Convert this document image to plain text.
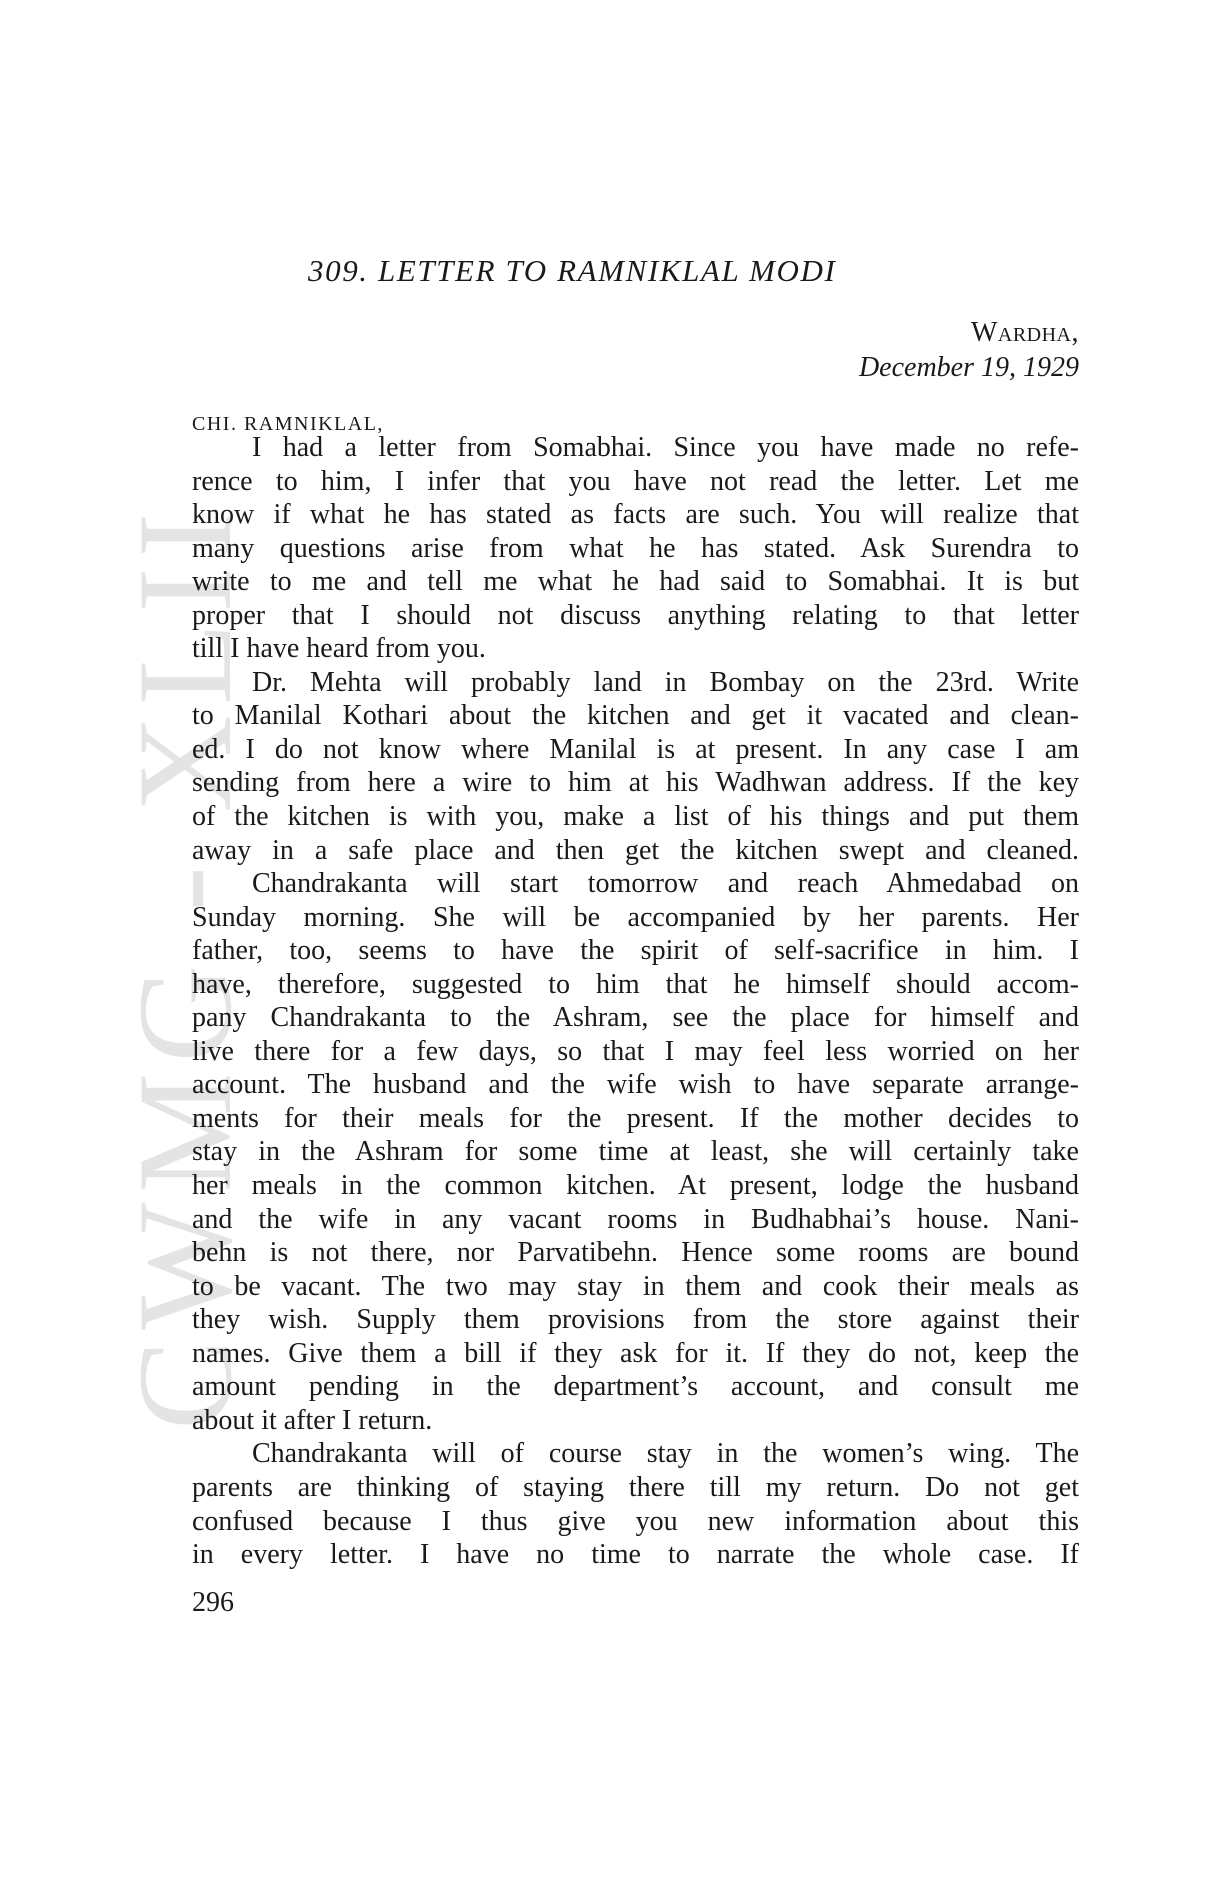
CWMG - XLII
309. LETTER TO RAMNIKLAL MODI
Wardha,
December 19, 1929
CHI. RAMNIKLAL,
I had a letter from Somabhai. Since you have made no refe-
rence to him, I infer that you have not read the letter. Let me
know if what he has stated as facts are such. You will realize that
many questions arise from what he has stated. Ask Surendra to
write to me and tell me what he had said to Somabhai. It is but
proper that I should not discuss anything relating to that letter
till I have heard from you.
Dr. Mehta will probably land in Bombay on the 23rd. Write
to Manilal Kothari about the kitchen and get it vacated and clean-
ed. I do not know where Manilal is at present. In any case I am
sending from here a wire to him at his Wadhwan address. If the key
of the kitchen is with you, make a list of his things and put them
away in a safe place and then get the kitchen swept and cleaned.
Chandrakanta will start tomorrow and reach Ahmedabad on
Sunday morning. She will be accompanied by her parents. Her
father, too, seems to have the spirit of self-sacrifice in him. I
have, therefore, suggested to him that he himself should accom-
pany Chandrakanta to the Ashram, see the place for himself and
live there for a few days, so that I may feel less worried on her
account. The husband and the wife wish to have separate arrange-
ments for their meals for the present. If the mother decides to
stay in the Ashram for some time at least, she will certainly take
her meals in the common kitchen. At present, lodge the husband
and the wife in any vacant rooms in Budhabhai’s house. Nani-
behn is not there, nor Parvatibehn. Hence some rooms are bound
to be vacant. The two may stay in them and cook their meals as
they wish. Supply them provisions from the store against their
names. Give them a bill if they ask for it. If they do not, keep the
amount pending in the department’s account, and consult me
about it after I return.
Chandrakanta will of course stay in the women’s wing. The
parents are thinking of staying there till my return. Do not get
confused because I thus give you new information about this
in every letter. I have no time to narrate the whole case. If
296
